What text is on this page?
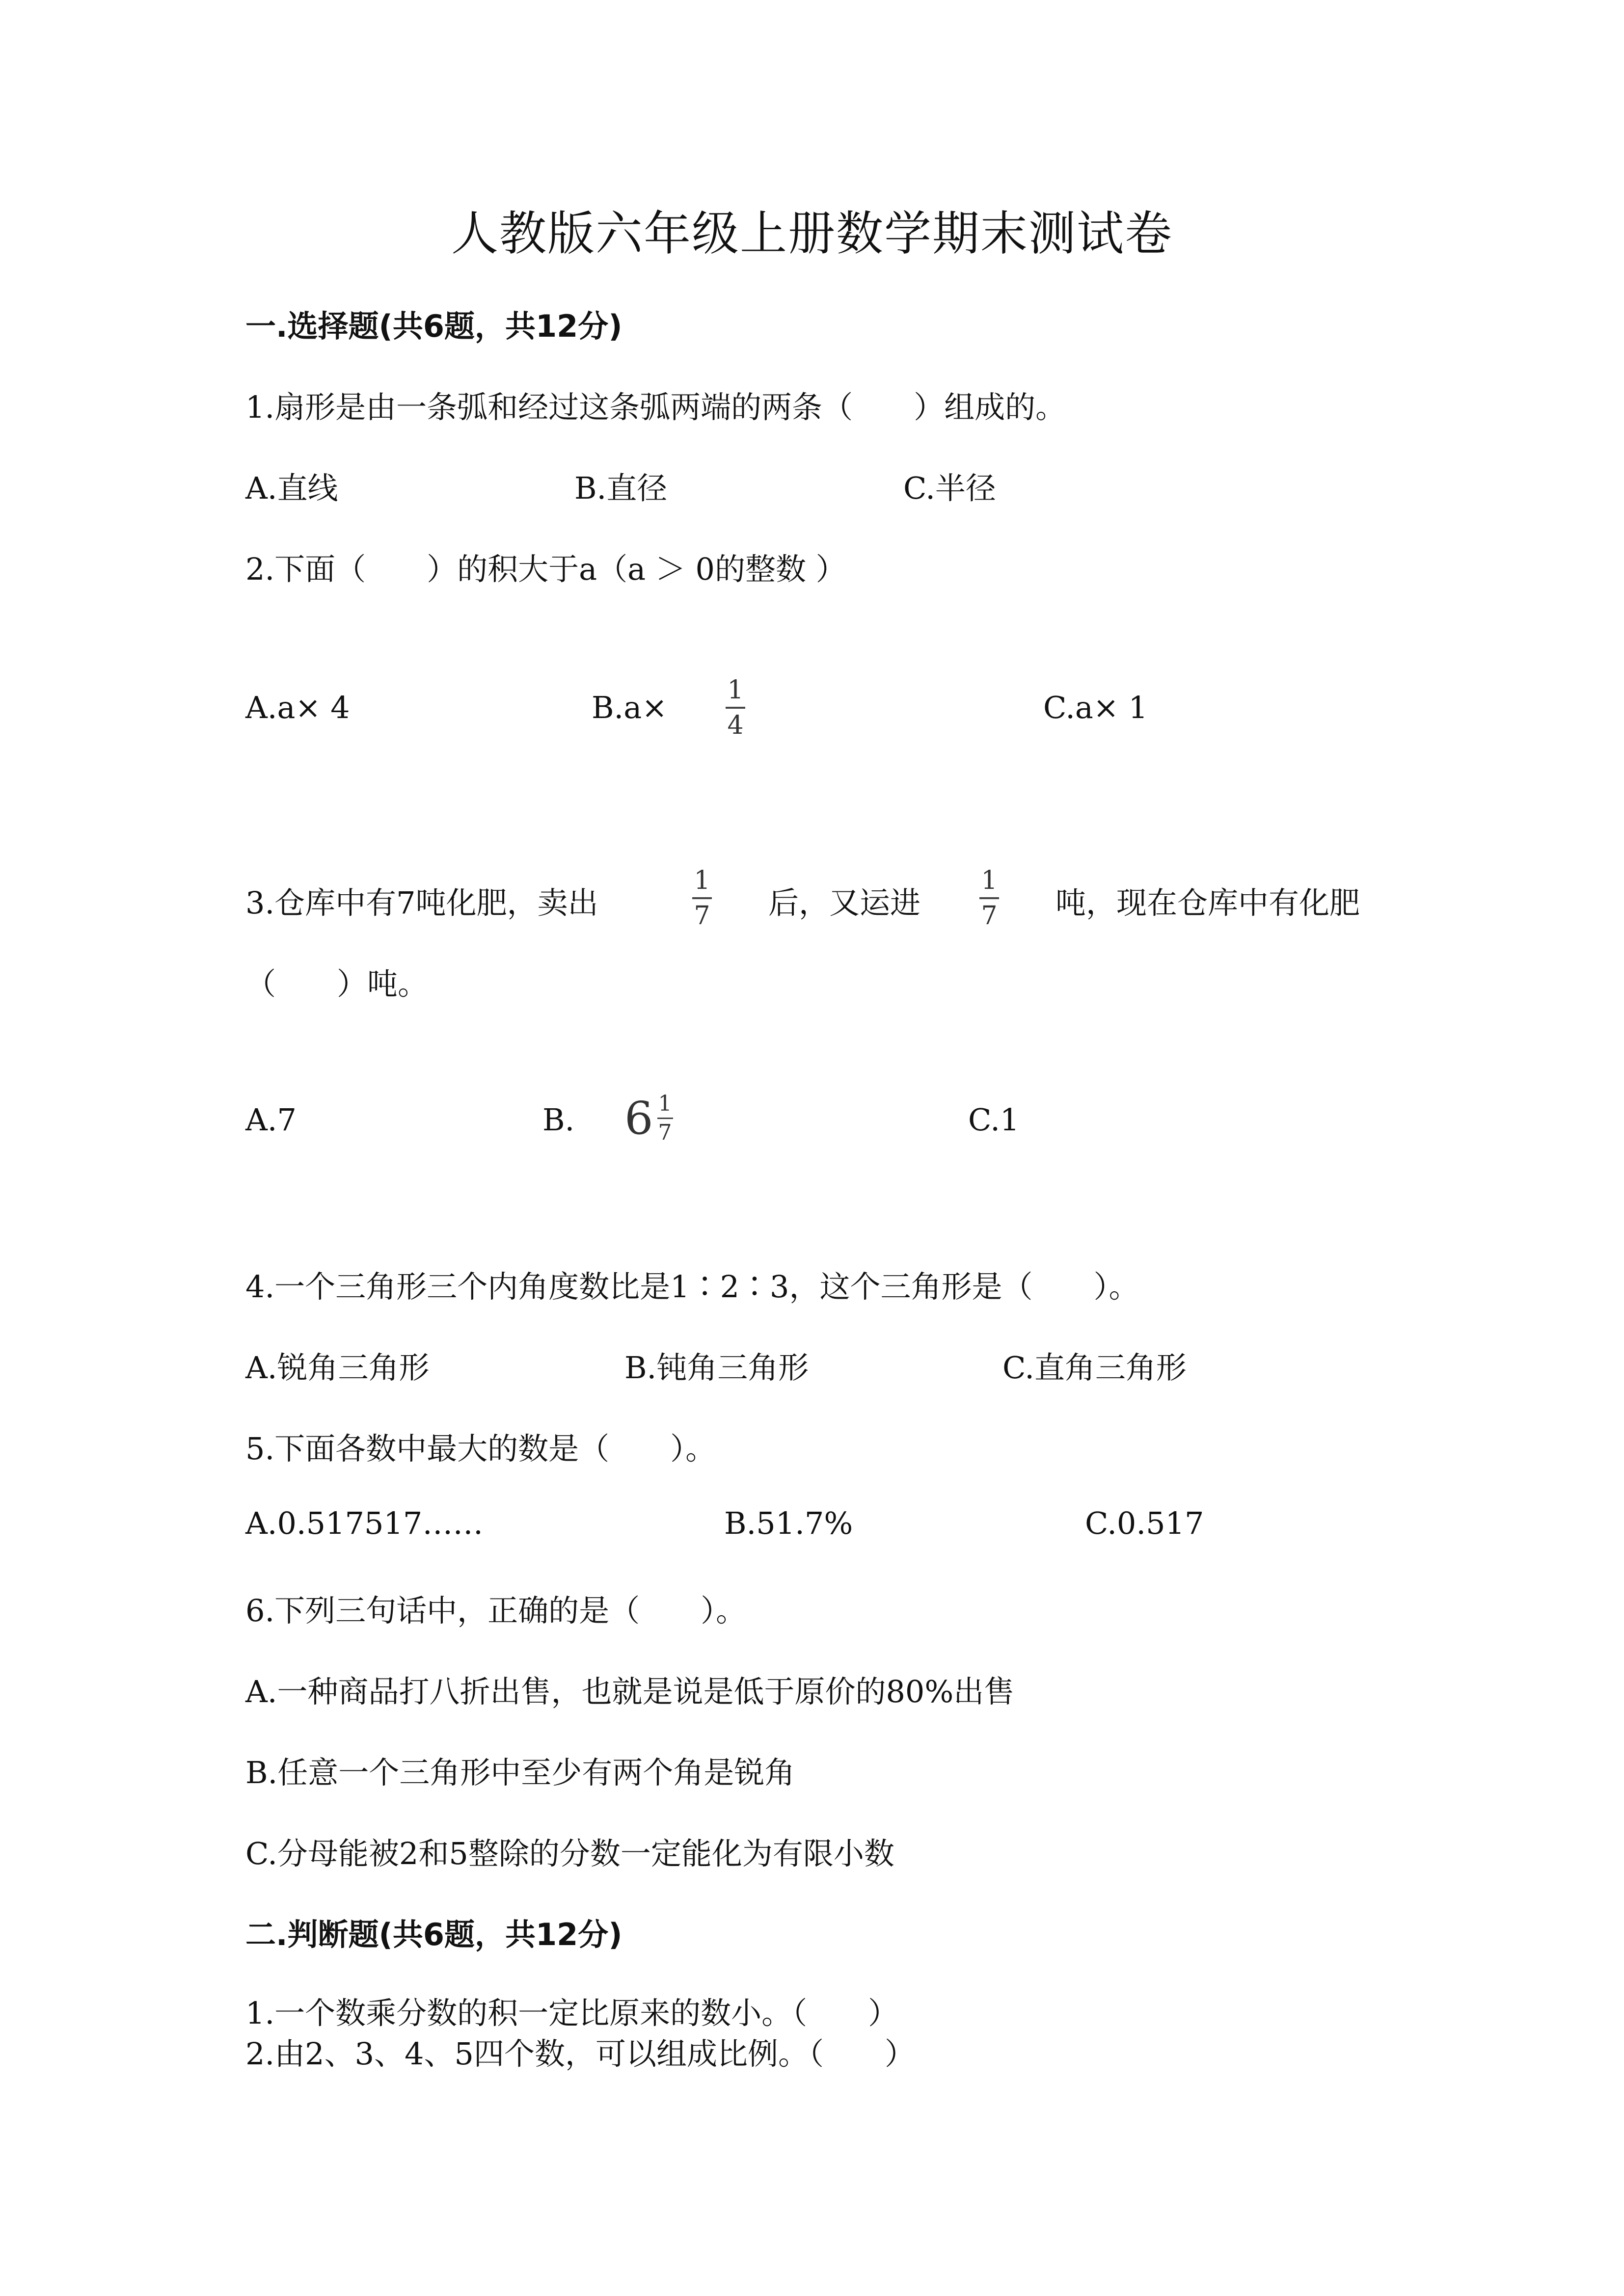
人教版六年级上册数学期末测试卷
一.选择题(共6题，共12分)
1.扇形是由一条弧和经过这条弧两端的两条（　　）组成的。
A.直线	B.直径	C.半径
2.下面（　　）的积大于a（a ＞ 0的整数 ）
A.a× 4	B.a× 1
4	C.a× 1
3.仓库中有7吨化肥，卖出
1
7 后，又运进
1
7 吨，现在仓库中有化肥
（　　）吨。
A.7	B. $6 \frac{1}{7}$	C.1
4.一个三角形三个内角度数比是1∶2∶3，这个三角形是（　　）。
A.锐角三角形	B.钝角三角形	C.直角三角形
5.下面各数中最大的数是（　　）。
A.0.517517……	B.51.7%	C.0.517
6.下列三句话中，正确的是（　　）。
A.一种商品打八折出售，也就是说是低于原价的80%出售
B.任意一个三角形中至少有两个角是锐角
C.分母能被2和5整除的分数一定能化为有限小数
二.判断题(共6题，共12分)
1.一个数乘分数的积一定比原来的数小。（　　）
2.由2、3、4、5四个数，可以组成比例。（　　）
